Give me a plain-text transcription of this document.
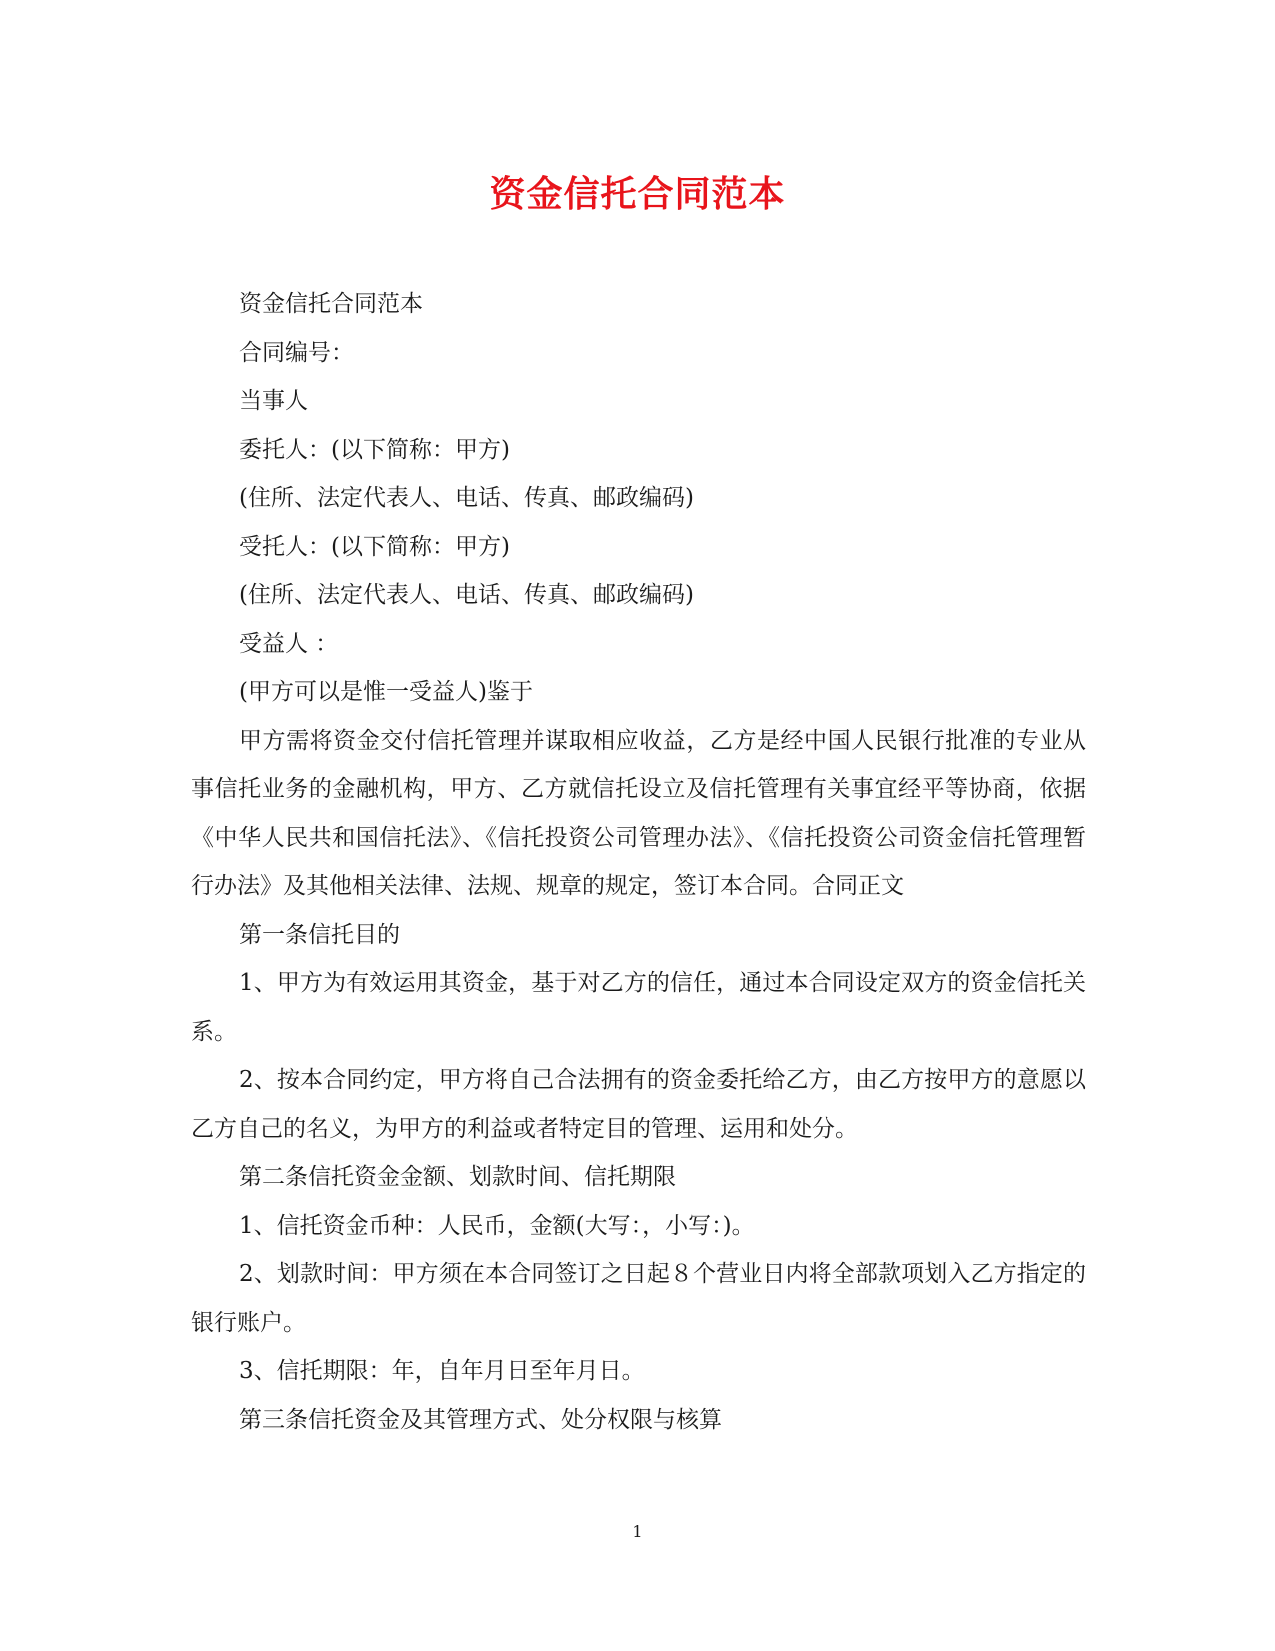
资金信托合同范本

资金信托合同范本

合同编号：

当事人

委托人：(以下简称：甲方)

(住所、法定代表人、电话、传真、邮政编码)

受托人：(以下简称：甲方)

(住所、法定代表人、电话、传真、邮政编码)

受益人 ：

(甲方可以是惟一受益人)鉴于

甲方需将资金交付信托管理并谋取相应收益，乙方是经中国人民银行批准的专业从事信托业务的金融机构，甲方、乙方就信托设立及信托管理有关事宜经平等协商，依据《中华人民共和国信托法》、《信托投资公司管理办法》、《信托投资公司资金信托管理暂行办法》及其他相关法律、法规、规章的规定，签订本合同。合同正文

第一条信托目的

1、甲方为有效运用其资金，基于对乙方的信任，通过本合同设定双方的资金信托关系。

2、按本合同约定，甲方将自己合法拥有的资金委托给乙方，由乙方按甲方的意愿以乙方自己的名义，为甲方的利益或者特定目的管理、运用和处分。

第二条信托资金金额、划款时间、信托期限

1、信托资金币种：人民币，金额(大写：，小写：)。

2、划款时间：甲方须在本合同签订之日起８个营业日内将全部款项划入乙方指定的银行账户。

3、信托期限：年，自年月日至年月日。

第三条信托资金及其管理方式、处分权限与核算

1
